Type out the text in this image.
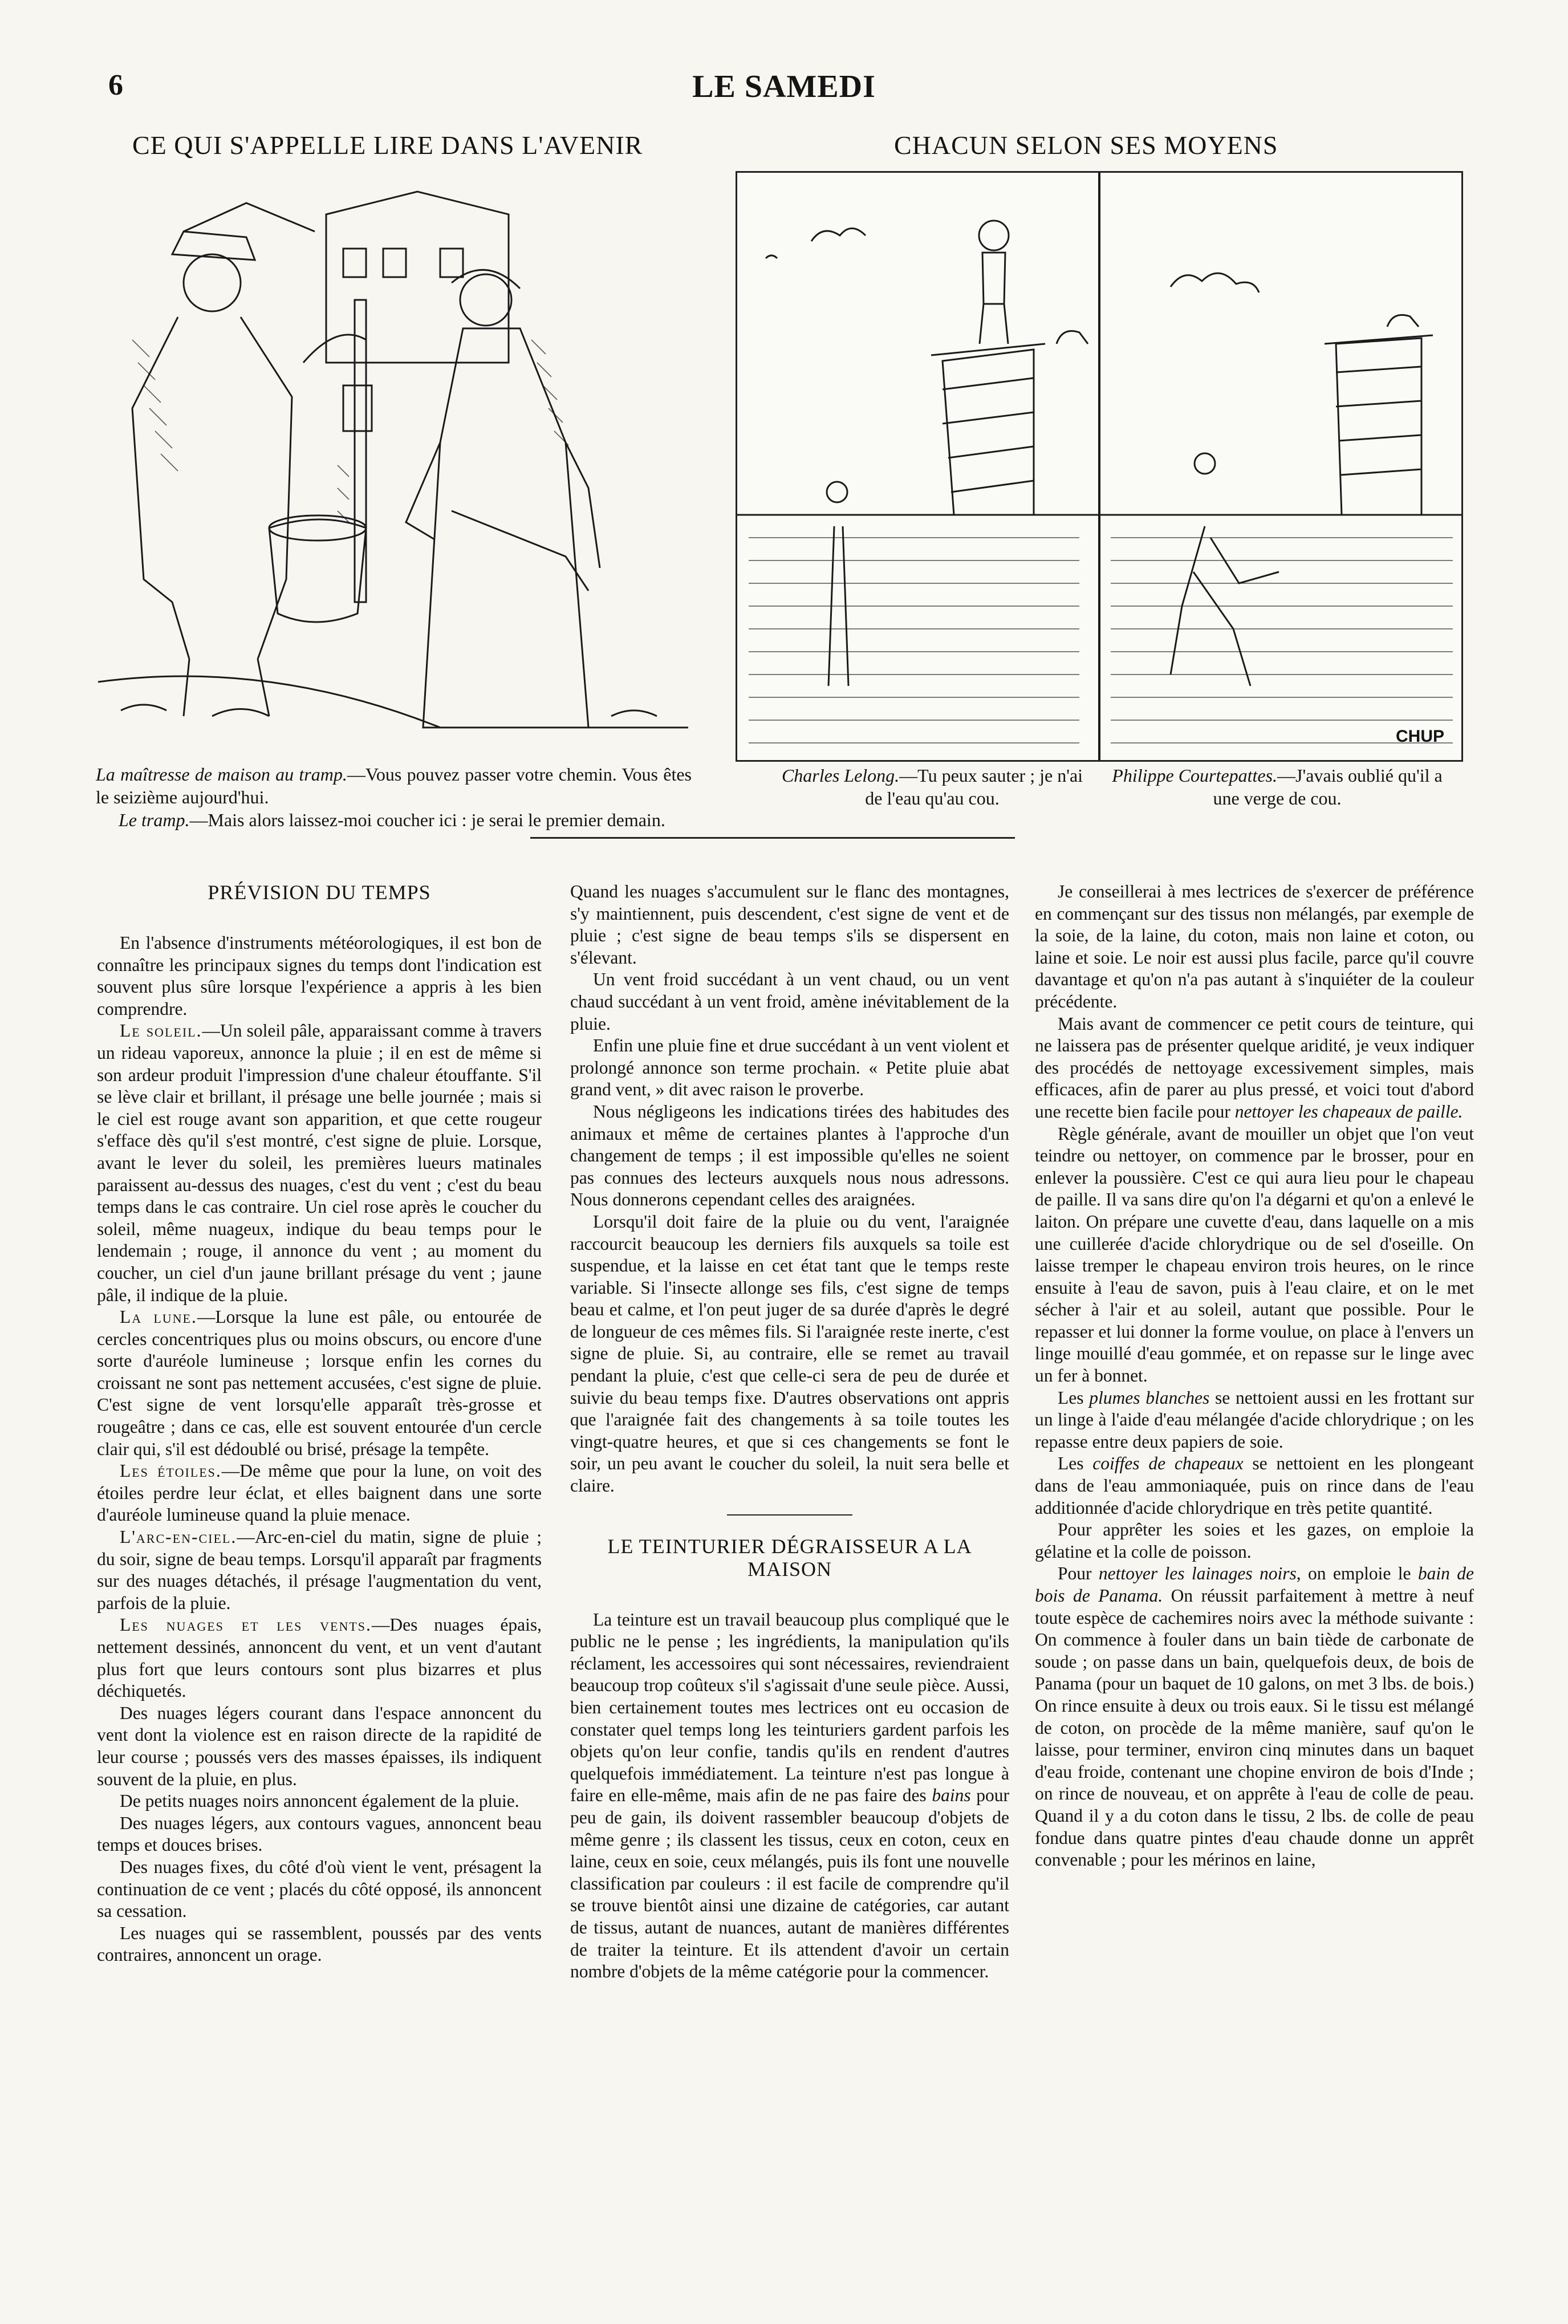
6	LE SAMEDI
CE QUI S'APPELLE LIRE DANS L'AVENIR
La maîtresse de maison au tramp.—Vous pouvez passer votre chemin. Vous êtes le seizième aujourd'hui.
Le tramp.—Mais alors laissez-moi coucher ici : je serai le premier demain.
CHACUN SELON SES MOYENS
CHUP
Charles Lelong.—Tu peux sauter ; je n'ai de l'eau qu'au cou.
Philippe Courtepattes.—J'avais oublié qu'il a une verge de cou.
PRÉVISION DU TEMPS

En l'absence d'instruments météorologiques, il est bon de connaître les principaux signes du temps dont l'indication est souvent plus sûre lorsque l'expérience a appris à les bien comprendre.

Le soleil.—Un soleil pâle, apparaissant comme à travers un rideau vaporeux, annonce la pluie ; il en est de même si son ardeur produit l'impression d'une chaleur étouffante. S'il se lève clair et brillant, il présage une belle journée ; mais si le ciel est rouge avant son apparition, et que cette rougeur s'efface dès qu'il s'est montré, c'est signe de pluie. Lorsque, avant le lever du soleil, les premières lueurs matinales paraissent au-dessus des nuages, c'est du vent ; c'est du beau temps dans le cas contraire. Un ciel rose après le coucher du soleil, même nuageux, indique du beau temps pour le lendemain ; rouge, il annonce du vent ; au moment du coucher, un ciel d'un jaune brillant présage du vent ; jaune pâle, il indique de la pluie.

La lune.—Lorsque la lune est pâle, ou entourée de cercles concentriques plus ou moins obscurs, ou encore d'une sorte d'auréole lumineuse ; lorsque enfin les cornes du croissant ne sont pas nettement accusées, c'est signe de pluie. C'est signe de vent lorsqu'elle apparaît très-grosse et rougeâtre ; dans ce cas, elle est souvent entourée d'un cercle clair qui, s'il est dédoublé ou brisé, présage la tempête.

Les étoiles.—De même que pour la lune, on voit des étoiles perdre leur éclat, et elles baignent dans une sorte d'auréole lumineuse quand la pluie menace.

L'arc-en-ciel.—Arc-en-ciel du matin, signe de pluie ; du soir, signe de beau temps. Lorsqu'il apparaît par fragments sur des nuages détachés, il présage l'augmentation du vent, parfois de la pluie.

Les nuages et les vents.—Des nuages épais, nettement dessinés, annoncent du vent, et un vent d'autant plus fort que leurs contours sont plus bizarres et plus déchiquetés.

Des nuages légers courant dans l'espace annoncent du vent dont la violence est en raison directe de la rapidité de leur course ; poussés vers des masses épaisses, ils indiquent souvent de la pluie, en plus.

De petits nuages noirs annoncent également de la pluie.

Des nuages légers, aux contours vagues, annoncent beau temps et douces brises.

Des nuages fixes, du côté d'où vient le vent, présagent la continuation de ce vent ; placés du côté opposé, ils annoncent sa cessation.

Les nuages qui se rassemblent, poussés par des vents contraires, annoncent un orage.

Quand les nuages s'accumulent sur le flanc des montagnes, s'y maintiennent, puis descendent, c'est signe de vent et de pluie ; c'est signe de beau temps s'ils se dispersent en s'élevant.

Un vent froid succédant à un vent chaud, ou un vent chaud succédant à un vent froid, amène inévitablement de la pluie.

Enfin une pluie fine et drue succédant à un vent violent et prolongé annonce son terme prochain. « Petite pluie abat grand vent, » dit avec raison le proverbe.

Nous négligeons les indications tirées des habitudes des animaux et même de certaines plantes à l'approche d'un changement de temps ; il est impossible qu'elles ne soient pas connues des lecteurs auxquels nous nous adressons. Nous donnerons cependant celles des araignées.

Lorsqu'il doit faire de la pluie ou du vent, l'araignée raccourcit beaucoup les derniers fils auxquels sa toile est suspendue, et la laisse en cet état tant que le temps reste variable. Si l'insecte allonge ses fils, c'est signe de temps beau et calme, et l'on peut juger de sa durée d'après le degré de longueur de ces mêmes fils. Si l'araignée reste inerte, c'est signe de pluie. Si, au contraire, elle se remet au travail pendant la pluie, c'est que celle-ci sera de peu de durée et suivie du beau temps fixe. D'autres observations ont appris que l'araignée fait des changements à sa toile toutes les vingt-quatre heures, et que si ces changements se font le soir, un peu avant le coucher du soleil, la nuit sera belle et claire.

LE TEINTURIER DÉGRAISSEUR A LA MAISON

La teinture est un travail beaucoup plus compliqué que le public ne le pense ; les ingrédients, la manipulation qu'ils réclament, les accessoires qui sont nécessaires, reviendraient beaucoup trop coûteux s'il s'agissait d'une seule pièce. Aussi, bien certainement toutes mes lectrices ont eu occasion de constater quel temps long les teinturiers gardent parfois les objets qu'on leur confie, tandis qu'ils en rendent d'autres quelquefois immédiatement. La teinture n'est pas longue à faire en elle-même, mais afin de ne pas faire des bains pour peu de gain, ils doivent rassembler beaucoup d'objets de même genre ; ils classent les tissus, ceux en coton, ceux en laine, ceux en soie, ceux mélangés, puis ils font une nouvelle classification par couleurs : il est facile de comprendre qu'il se trouve bientôt ainsi une dizaine de catégories, car autant de tissus, autant de nuances, autant de manières différentes de traiter la teinture. Et ils attendent d'avoir un certain nombre d'objets de la même catégorie pour la commencer.

Je conseillerai à mes lectrices de s'exercer de préférence en commençant sur des tissus non mélangés, par exemple de la soie, de la laine, du coton, mais non laine et coton, ou laine et soie. Le noir est aussi plus facile, parce qu'il couvre davantage et qu'on n'a pas autant à s'inquiéter de la couleur précédente.

Mais avant de commencer ce petit cours de teinture, qui ne laissera pas de présenter quelque aridité, je veux indiquer des procédés de nettoyage excessivement simples, mais efficaces, afin de parer au plus pressé, et voici tout d'abord une recette bien facile pour nettoyer les chapeaux de paille.

Règle générale, avant de mouiller un objet que l'on veut teindre ou nettoyer, on commence par le brosser, pour en enlever la poussière. C'est ce qui aura lieu pour le chapeau de paille. Il va sans dire qu'on l'a dégarni et qu'on a enlevé le laiton. On prépare une cuvette d'eau, dans laquelle on a mis une cuillerée d'acide chlorydrique ou de sel d'oseille. On laisse tremper le chapeau environ trois heures, on le rince ensuite à l'eau de savon, puis à l'eau claire, et on le met sécher à l'air et au soleil, autant que possible. Pour le repasser et lui donner la forme voulue, on place à l'envers un linge mouillé d'eau gommée, et on repasse sur le linge avec un fer à bonnet.

Les plumes blanches se nettoient aussi en les frottant sur un linge à l'aide d'eau mélangée d'acide chlorydrique ; on les repasse entre deux papiers de soie.

Les coiffes de chapeaux se nettoient en les plongeant dans de l'eau ammoniaquée, puis on rince dans de l'eau additionnée d'acide chlorydrique en très petite quantité.

Pour apprêter les soies et les gazes, on emploie la gélatine et la colle de poisson.

Pour nettoyer les lainages noirs, on emploie le bain de bois de Panama. On réussit parfaitement à mettre à neuf toute espèce de cachemires noirs avec la méthode suivante : On commence à fouler dans un bain tiède de carbonate de soude ; on passe dans un bain, quelquefois deux, de bois de Panama (pour un baquet de 10 galons, on met 3 lbs. de bois.) On rince ensuite à deux ou trois eaux. Si le tissu est mélangé de coton, on procède de la même manière, sauf qu'on le laisse, pour terminer, environ cinq minutes dans un baquet d'eau froide, contenant une chopine environ de bois d'Inde ; on rince de nouveau, et on apprête à l'eau de colle de peau. Quand il y a du coton dans le tissu, 2 lbs. de colle de peau fondue dans quatre pintes d'eau chaude donne un apprêt convenable ; pour les mérinos en laine,
